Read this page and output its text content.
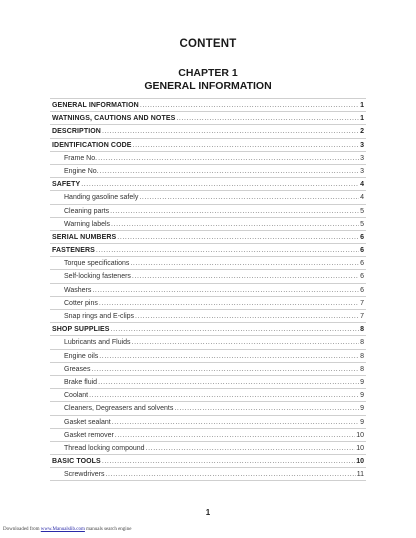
CONTENT
CHAPTER 1
GENERAL INFORMATION
GENERAL INFORMATION .....	1
WATNINGS, CAUTIONS AND NOTES .....	1
DESCRIPTION .....	2
IDENTIFICATION CODE .....	3
Frame No. .....	3
Engine No. .....	3
SAFETY .....	4
Handing gasoline safely .....	4
Cleaning parts .....	5
Warning labels .....	5
SERIAL NUMBERS .....	6
FASTENERS .....	6
Torque specifications .....	6
Self-locking fasteners .....	6
Washers .....	6
Cotter pins .....	7
Snap rings and E-clips .....	7
SHOP SUPPLIES .....	8
Lubricants and Fluids .....	8
Engine oils .....	8
Greases .....	8
Brake fluid .....	9
Coolant .....	9
Cleaners, Degreasers and solvents .....	9
Gasket sealant .....	9
Gasket remover .....	10
Thread locking compound .....	10
BASIC TOOLS .....	10
Screwdrivers .....	11
1
Downloaded from www.Manualslib.com manuals search engine
